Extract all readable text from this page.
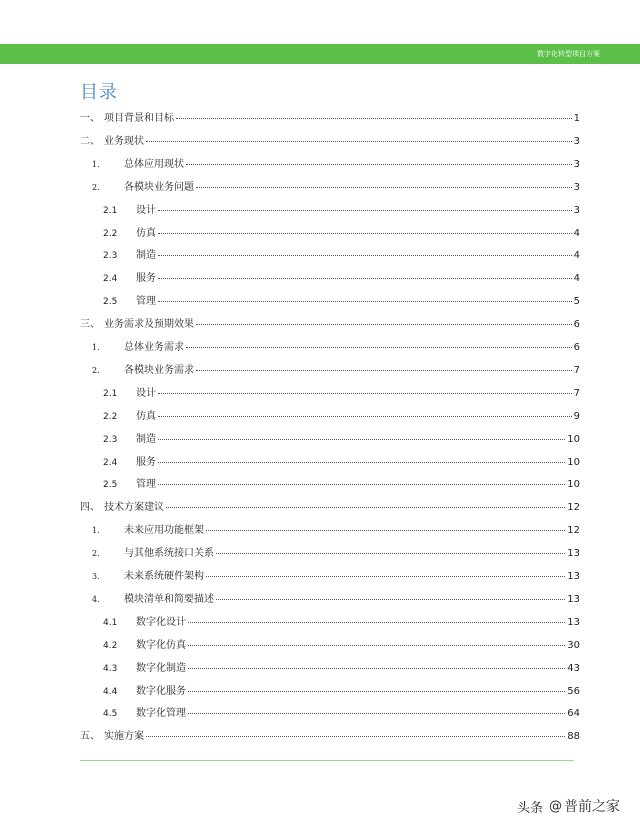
数字化转型项目方案
目录
一、 项目背景和目标	1
二、 业务现状	3
1.	总体应用现状	3
2.	各模块业务问题	3
2.1	设计	3
2.2	仿真	4
2.3	制造	4
2.4	服务	4
2.5	管理	5
三、 业务需求及预期效果	6
1.	总体业务需求	6
2.	各模块业务需求	7
2.1	设计	7
2.2	仿真	9
2.3	制造	10
2.4	服务	10
2.5	管理	10
四、 技术方案建议	12
1.	未来应用功能框架	12
2.	与其他系统接口关系	13
3.	未来系统硬件架构	13
4.	模块清单和简要描述	13
4.1	数字化设计	13
4.2	数字化仿真	30
4.3	数字化制造	43
4.4	数字化服务	56
4.5	数字化管理	64
五、 实施方案	88
头条 @ 普前之家
